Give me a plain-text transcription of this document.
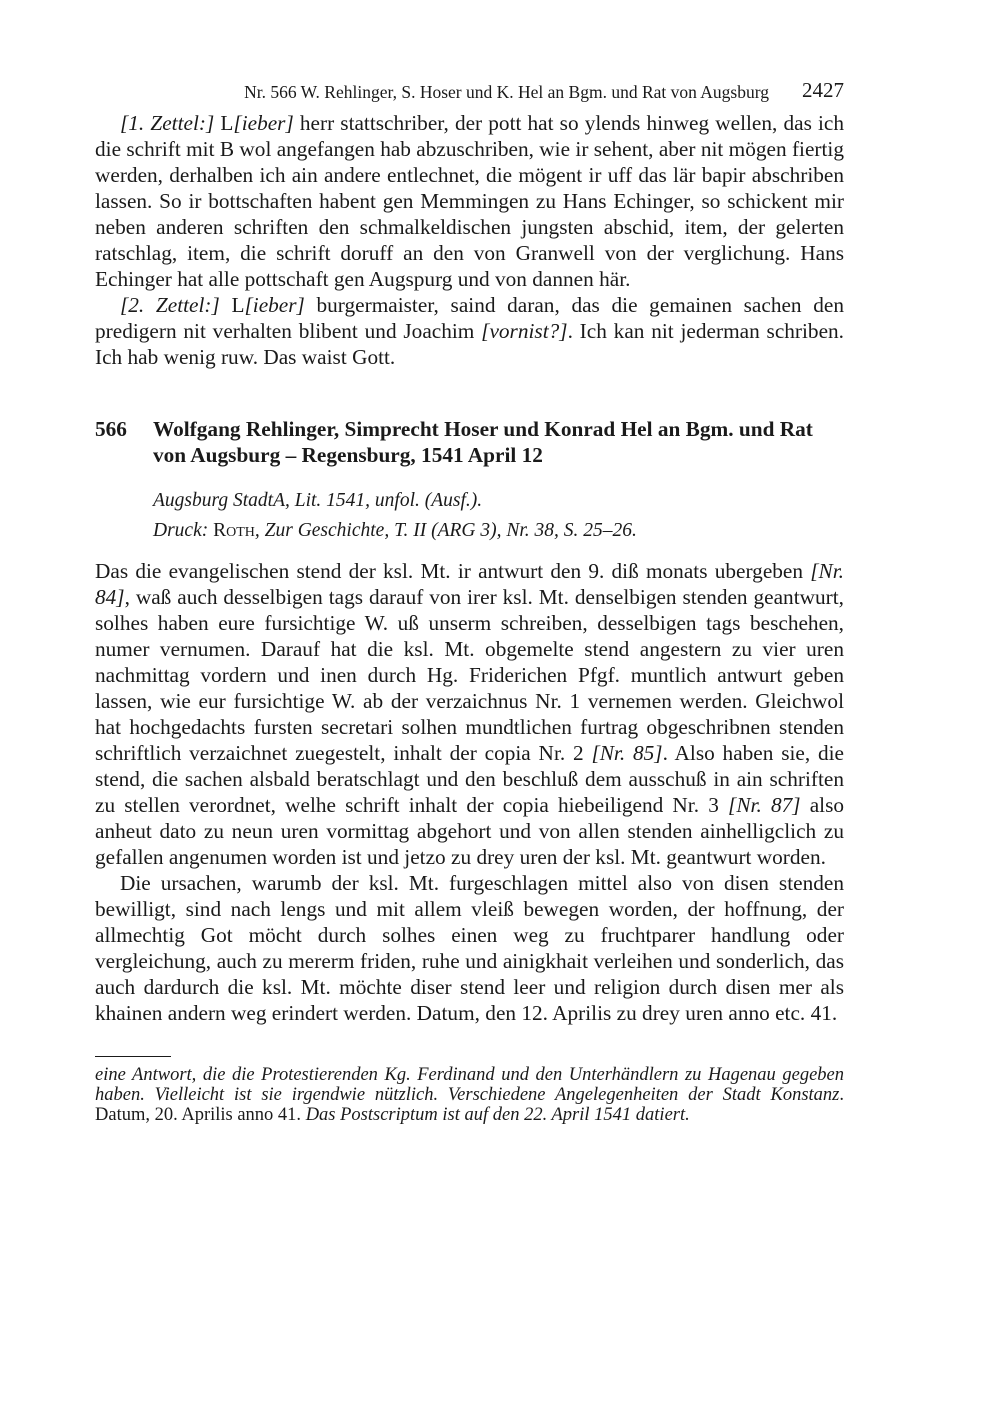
Nr. 566 W. Rehlinger, S. Hoser und K. Hel an Bgm. und Rat von Augsburg 2427

[1. Zettel:] L[ieber] herr stattschriber, der pott hat so ylends hinweg wellen, das ich die schrift mit B wol angefangen hab abzuschriben, wie ir sehent, aber nit mögen fiertig werden, derhalben ich ain andere entlechnet, die mögent ir uff das lär bapir abschriben lassen. So ir bottschaften habent gen Memmingen zu Hans Echinger, so schickent mir neben anderen schriften den schmalkeldischen jungsten abschid, item, der gelerten ratschlag, item, die schrift doruff an den von Granwell von der verglichung. Hans Echinger hat alle pottschaft gen Augspurg und von dannen här.

[2. Zettel:] L[ieber] burgermaister, saind daran, das die gemainen sachen den predigern nit verhalten blibent und Joachim [vornist?]. Ich kan nit jederman schriben. Ich hab wenig ruw. Das waist Gott.

566 Wolfgang Rehlinger, Simprecht Hoser und Konrad Hel an Bgm. und Rat von Augsburg – Regensburg, 1541 April 12
Augsburg StadtA, Lit. 1541, unfol. (Ausf.).
Druck: Roth, Zur Geschichte, T. II (ARG 3), Nr. 38, S. 25–26.

Das die evangelischen stend der ksl. Mt. ir antwurt den 9. diß monats ubergeben [Nr. 84], waß auch desselbigen tags darauf von irer ksl. Mt. denselbigen stenden geantwurt, solhes haben eure fursichtige W. uß unserm schreiben, desselbigen tags beschehen, numer vernumen. Darauf hat die ksl. Mt. obgemelte stend angestern zu vier uren nachmittag vordern und inen durch Hg. Friderichen Pfgf. muntlich antwurt geben lassen, wie eur fursichtige W. ab der verzaichnus Nr. 1 vernemen werden. Gleichwol hat hochgedachts fursten secretari solhen mundtlichen furtrag obgeschribnen stenden schriftlich verzaichnet zuegestelt, inhalt der copia Nr. 2 [Nr. 85]. Also haben sie, die stend, die sachen alsbald beratschlagt und den beschluß dem ausschuß in ain schriften zu stellen verordnet, welhe schrift inhalt der copia hiebeiligend Nr. 3 [Nr. 87] also anheut dato zu neun uren vormittag abgehort und von allen stenden ainhelligclich zu gefallen angenumen worden ist und jetzo zu drey uren der ksl. Mt. geantwurt worden.

Die ursachen, warumb der ksl. Mt. furgeschlagen mittel also von disen stenden bewilligt, sind nach lengs und mit allem vleiß bewegen worden, der hoffnung, der allmechtig Got möcht durch solhes einen weg zu fruchtparer handlung oder vergleichung, auch zu mererm friden, ruhe und ainigkhait verleihen und sonderlich, das auch dardurch die ksl. Mt. möchte diser stend leer und religion durch disen mer als khainen andern weg erindert werden. Datum, den 12. Aprilis zu drey uren anno etc. 41.

eine Antwort, die die Protestierenden Kg. Ferdinand und den Unterhändlern zu Hagenau gegeben haben. Vielleicht ist sie irgendwie nützlich. Verschiedene Angelegenheiten der Stadt Konstanz. Datum, 20. Aprilis anno 41. Das Postscriptum ist auf den 22. April 1541 datiert.
